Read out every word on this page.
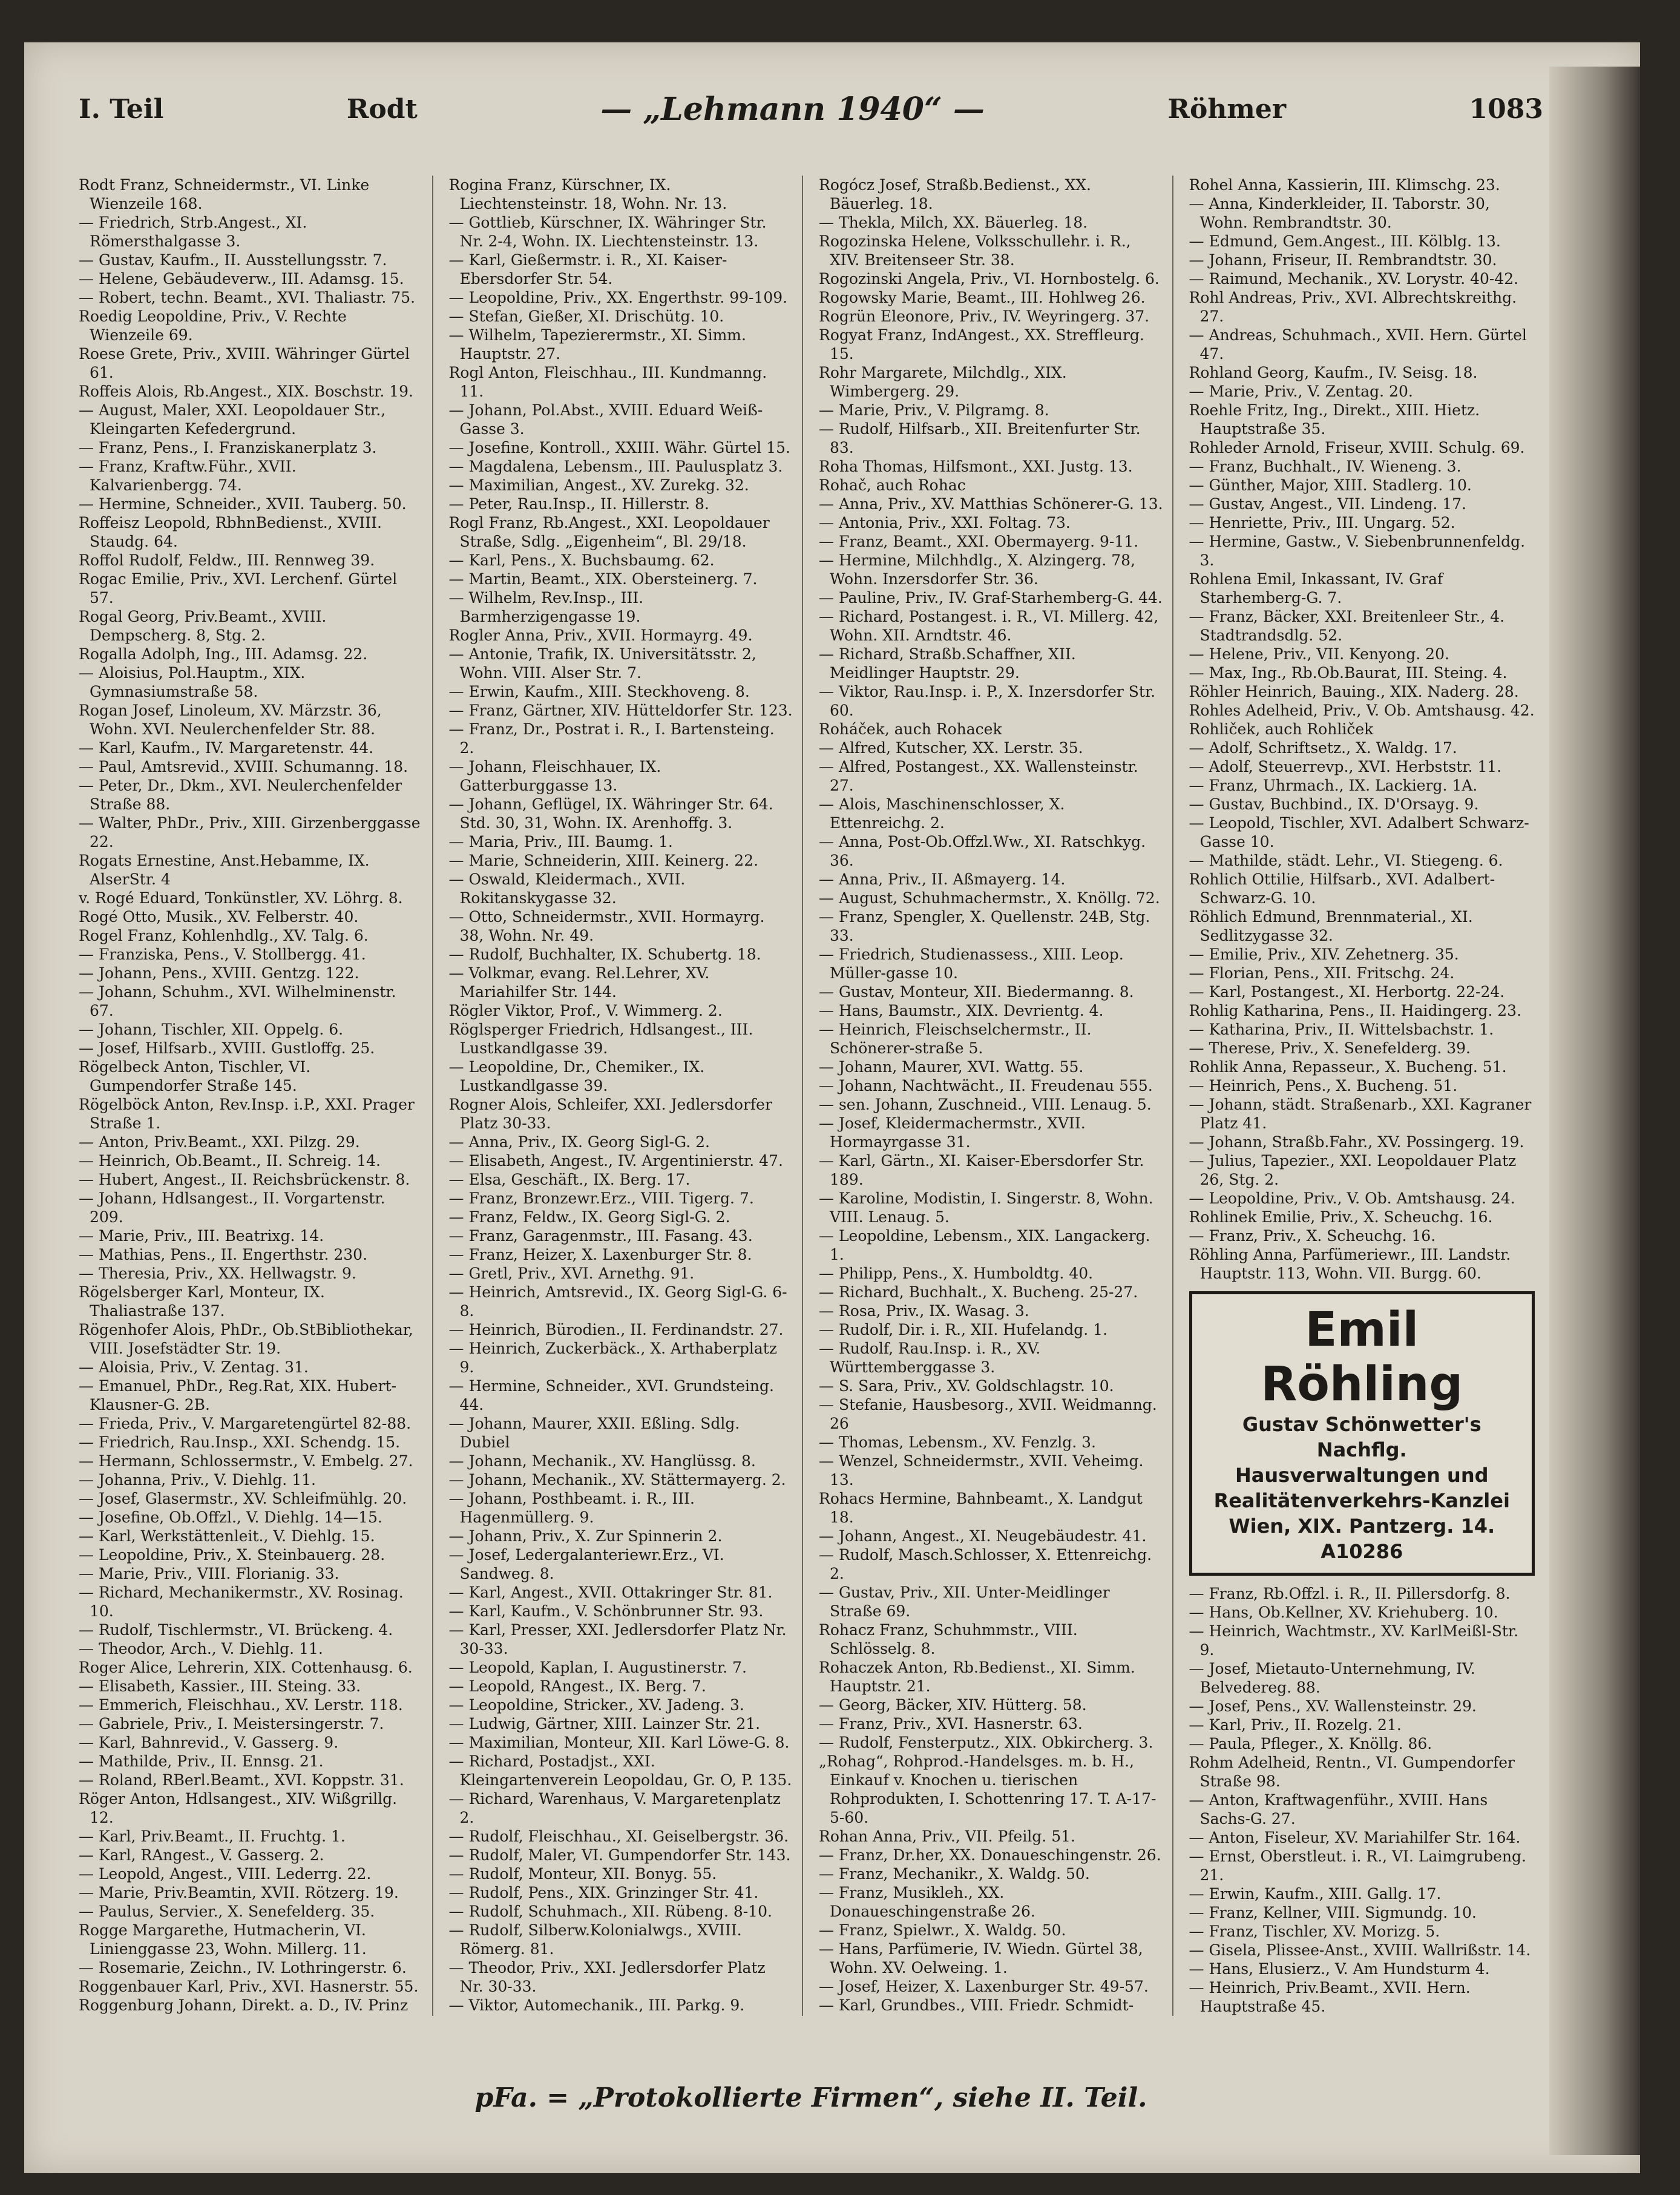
I. Teil	Rodt	— „Lehmann 1940“ —	Röhmer	1083

Rodt Franz, Schneidermstr., VI. Linke Wienzeile 168.

— Friedrich, Strb.Angest., XI. Römersthalgasse 3.

— Gustav, Kaufm., II. Ausstellungsstr. 7.

— Helene, Gebäudeverw., III. Adamsg. 15.

— Robert, techn. Beamt., XVI. Thaliastr. 75.

Roedig Leopoldine, Priv., V. Rechte Wienzeile 69.

Roese Grete, Priv., XVIII. Währinger Gürtel 61.

Roffeis Alois, Rb.Angest., XIX. Boschstr. 19.

— August, Maler, XXI. Leopoldauer Str., Kleingarten Kefedergrund.

— Franz, Pens., I. Franziskanerplatz 3.

— Franz, Kraftw.Führ., XVII. Kalvarienbergg. 74.

— Hermine, Schneider., XVII. Tauberg. 50.

Roffeisz Leopold, RbhnBedienst., XVIII. Staudg. 64.

Roffol Rudolf, Feldw., III. Rennweg 39.

Rogac Emilie, Priv., XVI. Lerchenf. Gürtel 57.

Rogal Georg, Priv.Beamt., XVIII. Dempscherg. 8, Stg. 2.

Rogalla Adolph, Ing., III. Adamsg. 22.

— Aloisius, Pol.Hauptm., XIX. Gymnasiumstraße 58.

Rogan Josef, Linoleum, XV. Märzstr. 36, Wohn. XVI. Neulerchenfelder Str. 88.

— Karl, Kaufm., IV. Margaretenstr. 44.

— Paul, Amtsrevid., XVIII. Schumanng. 18.

— Peter, Dr., Dkm., XVI. Neulerchenfelder Straße 88.

— Walter, PhDr., Priv., XIII. Girzenberggasse 22.

Rogats Ernestine, Anst.Hebamme, IX. AlserStr. 4

v. Rogé Eduard, Tonkünstler, XV. Löhrg. 8.

Rogé Otto, Musik., XV. Felberstr. 40.

Rogel Franz, Kohlenhdlg., XV. Talg. 6.

— Franziska, Pens., V. Stollbergg. 41.

— Johann, Pens., XVIII. Gentzg. 122.

— Johann, Schuhm., XVI. Wilhelminenstr. 67.

— Johann, Tischler, XII. Oppelg. 6.

— Josef, Hilfsarb., XVIII. Gustloffg. 25.

Rögelbeck Anton, Tischler, VI. Gumpendorfer Straße 145.

Rögelböck Anton, Rev.Insp. i.P., XXI. Prager Straße 1.

— Anton, Priv.Beamt., XXI. Pilzg. 29.

— Heinrich, Ob.Beamt., II. Schreig. 14.

— Hubert, Angest., II. Reichsbrückenstr. 8.

— Johann, Hdlsangest., II. Vorgartenstr. 209.

— Marie, Priv., III. Beatrixg. 14.

— Mathias, Pens., II. Engerthstr. 230.

— Theresia, Priv., XX. Hellwagstr. 9.

Rögelsberger Karl, Monteur, IX. Thaliastraße 137.

Rögenhofer Alois, PhDr., Ob.StBibliothekar, VIII. Josefstädter Str. 19.

— Aloisia, Priv., V. Zentag. 31.

— Emanuel, PhDr., Reg.Rat, XIX. Hubert-Klausner-G. 2B.

— Frieda, Priv., V. Margaretengürtel 82-88.

— Friedrich, Rau.Insp., XXI. Schendg. 15.

— Hermann, Schlossermstr., V. Embelg. 27.

— Johanna, Priv., V. Diehlg. 11.

— Josef, Glasermstr., XV. Schleifmühlg. 20.

— Josefine, Ob.Offzl., V. Diehlg. 14—15.

— Karl, Werkstättenleit., V. Diehlg. 15.

— Leopoldine, Priv., X. Steinbauerg. 28.

— Marie, Priv., VIII. Florianig. 33.

— Richard, Mechanikermstr., XV. Rosinag. 10.

— Rudolf, Tischlermstr., VI. Brückeng. 4.

— Theodor, Arch., V. Diehlg. 11.

Roger Alice, Lehrerin, XIX. Cottenhausg. 6.

— Elisabeth, Kassier., III. Steing. 33.

— Emmerich, Fleischhau., XV. Lerstr. 118.

— Gabriele, Priv., I. Meistersingerstr. 7.

— Karl, Bahnrevid., V. Gasserg. 9.

— Mathilde, Priv., II. Ennsg. 21.

— Roland, RBerl.Beamt., XVI. Koppstr. 31.

Röger Anton, Hdlsangest., XIV. Wißgrillg. 12.

— Karl, Priv.Beamt., II. Fruchtg. 1.

— Karl, RAngest., V. Gasserg. 2.

— Leopold, Angest., VIII. Lederrg. 22.

— Marie, Priv.Beamtin, XVII. Rötzerg. 19.

— Paulus, Servier., X. Senefelderg. 35.

Rogge Margarethe, Hutmacherin, VI. Linienggasse 23, Wohn. Millerg. 11.

— Rosemarie, Zeichn., IV. Lothringerstr. 6.

Roggenbauer Karl, Priv., XVI. Hasnerstr. 55.

Roggenburg Johann, Direkt. a. D., IV. Prinz

Rogina Franz, Kürschner, IX. Liechtensteinstr. 18, Wohn. Nr. 13.

— Gottlieb, Kürschner, IX. Währinger Str. Nr. 2-4, Wohn. IX. Liechtensteinstr. 13.

— Karl, Gießermstr. i. R., XI. Kaiser-Ebersdorfer Str. 54.

— Leopoldine, Priv., XX. Engerthstr. 99-109.

— Stefan, Gießer, XI. Drischütg. 10.

— Wilhelm, Tapezierermstr., XI. Simm. Hauptstr. 27.

Rogl Anton, Fleischhau., III. Kundmanng. 11.

— Johann, Pol.Abst., XVIII. Eduard Weiß-Gasse 3.

— Josefine, Kontroll., XXIII. Währ. Gürtel 15.

— Magdalena, Lebensm., III. Paulusplatz 3.

— Maximilian, Angest., XV. Zurekg. 32.

— Peter, Rau.Insp., II. Hillerstr. 8.

Rogl Franz, Rb.Angest., XXI. Leopoldauer Straße, Sdlg. „Eigenheim“, Bl. 29/18.

— Karl, Pens., X. Buchsbaumg. 62.

— Martin, Beamt., XIX. Obersteinerg. 7.

— Wilhelm, Rev.Insp., III. Barmherzigengasse 19.

Rogler Anna, Priv., XVII. Hormayrg. 49.

— Antonie, Trafik, IX. Universitätsstr. 2, Wohn. VIII. Alser Str. 7.

— Erwin, Kaufm., XIII. Steckhoveng. 8.

— Franz, Gärtner, XIV. Hütteldorfer Str. 123.

— Franz, Dr., Postrat i. R., I. Bartensteing. 2.

— Johann, Fleischhauer, IX. Gatterburggasse 13.

— Johann, Geflügel, IX. Währinger Str. 64. Std. 30, 31, Wohn. IX. Arenhoffg. 3.

— Maria, Priv., III. Baumg. 1.

— Marie, Schneiderin, XIII. Keinerg. 22.

— Oswald, Kleidermach., XVII. Rokitanskygasse 32.

— Otto, Schneidermstr., XVII. Hormayrg. 38, Wohn. Nr. 49.

— Rudolf, Buchhalter, IX. Schubertg. 18.

— Volkmar, evang. Rel.Lehrer, XV. Mariahilfer Str. 144.

Rögler Viktor, Prof., V. Wimmerg. 2.

Röglsperger Friedrich, Hdlsangest., III. Lustkandlgasse 39.

— Leopoldine, Dr., Chemiker., IX. Lustkandlgasse 39.

Rogner Alois, Schleifer, XXI. Jedlersdorfer Platz 30-33.

— Anna, Priv., IX. Georg Sigl-G. 2.

— Elisabeth, Angest., IV. Argentinierstr. 47.

— Elsa, Geschäft., IX. Berg. 17.

— Franz, Bronzewr.Erz., VIII. Tigerg. 7.

— Franz, Feldw., IX. Georg Sigl-G. 2.

— Franz, Garagenmstr., III. Fasang. 43.

— Franz, Heizer, X. Laxenburger Str. 8.

— Gretl, Priv., XVI. Arnethg. 91.

— Heinrich, Amtsrevid., IX. Georg Sigl-G. 6-8.

— Heinrich, Bürodien., II. Ferdinandstr. 27.

— Heinrich, Zuckerbäck., X. Arthaberplatz 9.

— Hermine, Schneider., XVI. Grundsteing. 44.

— Johann, Maurer, XXII. Eßling. Sdlg. Dubiel

— Johann, Mechanik., XV. Hanglüssg. 8.

— Johann, Mechanik., XV. Stättermayerg. 2.

— Johann, Posthbeamt. i. R., III. Hagenmüllerg. 9.

— Johann, Priv., X. Zur Spinnerin 2.

— Josef, Ledergalanteriewr.Erz., VI. Sandweg. 8.

— Karl, Angest., XVII. Ottakringer Str. 81.

— Karl, Kaufm., V. Schönbrunner Str. 93.

— Karl, Presser, XXI. Jedlersdorfer Platz Nr. 30-33.

— Leopold, Kaplan, I. Augustinerstr. 7.

— Leopold, RAngest., IX. Berg. 7.

— Leopoldine, Stricker., XV. Jadeng. 3.

— Ludwig, Gärtner, XIII. Lainzer Str. 21.

— Maximilian, Monteur, XII. Karl Löwe-G. 8.

— Richard, Postadjst., XXI. Kleingartenverein Leopoldau, Gr. O, P. 135.

— Richard, Warenhaus, V. Margaretenplatz 2.

— Rudolf, Fleischhau., XI. Geiselbergstr. 36.

— Rudolf, Maler, VI. Gumpendorfer Str. 143.

— Rudolf, Monteur, XII. Bonyg. 55.

— Rudolf, Pens., XIX. Grinzinger Str. 41.

— Rudolf, Schuhmach., XII. Rübeng. 8-10.

— Rudolf, Silberw.Kolonialwgs., XVIII. Römerg. 81.

— Theodor, Priv., XXI. Jedlersdorfer Platz Nr. 30-33.

— Viktor, Automechanik., III. Parkg. 9.

Rogócz Josef, Straßb.Bedienst., XX. Bäuerleg. 18.

— Thekla, Milch, XX. Bäuerleg. 18.

Rogozinska Helene, Volksschullehr. i. R., XIV. Breitenseer Str. 38.

Rogozinski Angela, Priv., VI. Hornbostelg. 6.

Rogowsky Marie, Beamt., III. Hohlweg 26.

Rogrün Eleonore, Priv., IV. Weyringerg. 37.

Rogyat Franz, IndAngest., XX. Streffleurg. 15.

Rohr Margarete, Milchdlg., XIX. Wimbergerg. 29.

— Marie, Priv., V. Pilgramg. 8.

— Rudolf, Hilfsarb., XII. Breitenfurter Str. 83.

Roha Thomas, Hilfsmont., XXI. Justg. 13.

Rohač, auch Rohac

— Anna, Priv., XV. Matthias Schönerer-G. 13.

— Antonia, Priv., XXI. Foltag. 73.

— Franz, Beamt., XXI. Obermayerg. 9-11.

— Hermine, Milchhdlg., X. Alzingerg. 78, Wohn. Inzersdorfer Str. 36.

— Pauline, Priv., IV. Graf-Starhemberg-G. 44.

— Richard, Postangest. i. R., VI. Millerg. 42, Wohn. XII. Arndtstr. 46.

— Richard, Straßb.Schaffner, XII. Meidlinger Hauptstr. 29.

— Viktor, Rau.Insp. i. P., X. Inzersdorfer Str. 60.

Roháček, auch Rohacek

— Alfred, Kutscher, XX. Lerstr. 35.

— Alfred, Postangest., XX. Wallensteinstr. 27.

— Alois, Maschinenschlosser, X. Ettenreichg. 2.

— Anna, Post-Ob.Offzl.Ww., XI. Ratschkyg. 36.

— Anna, Priv., II. Aßmayerg. 14.

— August, Schuhmachermstr., X. Knöllg. 72.

— Franz, Spengler, X. Quellenstr. 24B, Stg. 33.

— Friedrich, Studienassess., XIII. Leop. Müller-gasse 10.

— Gustav, Monteur, XII. Biedermanng. 8.

— Hans, Baumstr., XIX. Devrientg. 4.

— Heinrich, Fleischselchermstr., II. Schönerer-straße 5.

— Johann, Maurer, XVI. Wattg. 55.

— Johann, Nachtwächt., II. Freudenau 555.

— sen. Johann, Zuschneid., VIII. Lenaug. 5.

— Josef, Kleidermachermstr., XVII. Hormayrgasse 31.

— Karl, Gärtn., XI. Kaiser-Ebersdorfer Str. 189.

— Karoline, Modistin, I. Singerstr. 8, Wohn. VIII. Lenaug. 5.

— Leopoldine, Lebensm., XIX. Langackerg. 1.

— Philipp, Pens., X. Humboldtg. 40.

— Richard, Buchhalt., X. Bucheng. 25-27.

— Rosa, Priv., IX. Wasag. 3.

— Rudolf, Dir. i. R., XII. Hufelandg. 1.

— Rudolf, Rau.Insp. i. R., XV. Württemberggasse 3.

— S. Sara, Priv., XV. Goldschlagstr. 10.

— Stefanie, Hausbesorg., XVII. Weidmanng. 26

— Thomas, Lebensm., XV. Fenzlg. 3.

— Wenzel, Schneidermstr., XVII. Veheimg. 13.

Rohacs Hermine, Bahnbeamt., X. Landgut 18.

— Johann, Angest., XI. Neugebäudestr. 41.

— Rudolf, Masch.Schlosser, X. Ettenreichg. 2.

— Gustav, Priv., XII. Unter-Meidlinger Straße 69.

Rohacz Franz, Schuhmmstr., VIII. Schlösselg. 8.

Rohaczek Anton, Rb.Bedienst., XI. Simm. Hauptstr. 21.

— Georg, Bäcker, XIV. Hütterg. 58.

— Franz, Priv., XVI. Hasnerstr. 63.

— Rudolf, Fensterputz., XIX. Obkircherg. 3.

„Rohag“, Rohprod.-Handelsges. m. b. H., Einkauf v. Knochen u. tierischen Rohprodukten, I. Schottenring 17. T. A-17-5-60.

Rohan Anna, Priv., VII. Pfeilg. 51.

— Franz, Dr.her, XX. Donaueschingenstr. 26.

— Franz, Mechanikr., X. Waldg. 50.

— Franz, Musikleh., XX. Donaueschingenstraße 26.

— Franz, Spielwr., X. Waldg. 50.

— Hans, Parfümerie, IV. Wiedn. Gürtel 38, Wohn. XV. Oelweing. 1.

— Josef, Heizer, X. Laxenburger Str. 49-57.

— Karl, Grundbes., VIII. Friedr. Schmidt-

Rohel Anna, Kassierin, III. Klimschg. 23.

— Anna, Kinderkleider, II. Taborstr. 30, Wohn. Rembrandtstr. 30.

— Edmund, Gem.Angest., III. Kölblg. 13.

— Johann, Friseur, II. Rembrandtstr. 30.

— Raimund, Mechanik., XV. Lorystr. 40-42.

Rohl Andreas, Priv., XVI. Albrechtskreithg. 27.

— Andreas, Schuhmach., XVII. Hern. Gürtel 47.

Rohland Georg, Kaufm., IV. Seisg. 18.

— Marie, Priv., V. Zentag. 20.

Roehle Fritz, Ing., Direkt., XIII. Hietz. Hauptstraße 35.

Rohleder Arnold, Friseur, XVIII. Schulg. 69.

— Franz, Buchhalt., IV. Wieneng. 3.

— Günther, Major, XIII. Stadlerg. 10.

— Gustav, Angest., VII. Lindeng. 17.

— Henriette, Priv., III. Ungarg. 52.

— Hermine, Gastw., V. Siebenbrunnenfeldg. 3.

Rohlena Emil, Inkassant, IV. Graf Starhemberg-G. 7.

— Franz, Bäcker, XXI. Breitenleer Str., 4. Stadtrandsdlg. 52.

— Helene, Priv., VII. Kenyong. 20.

— Max, Ing., Rb.Ob.Baurat, III. Steing. 4.

Röhler Heinrich, Bauing., XIX. Naderg. 28.

Rohles Adelheid, Priv., V. Ob. Amtshausg. 42.

Rohliček, auch Rohliček

— Adolf, Schriftsetz., X. Waldg. 17.

— Adolf, Steuerrevp., XVI. Herbststr. 11.

— Franz, Uhrmach., IX. Lackierg. 1A.

— Gustav, Buchbind., IX. D'Orsayg. 9.

— Leopold, Tischler, XVI. Adalbert Schwarz-Gasse 10.

— Mathilde, städt. Lehr., VI. Stiegeng. 6.

Rohlich Ottilie, Hilfsarb., XVI. Adalbert-Schwarz-G. 10.

Röhlich Edmund, Brennmaterial., XI. Sedlitzygasse 32.

— Emilie, Priv., XIV. Zehetnerg. 35.

— Florian, Pens., XII. Fritschg. 24.

— Karl, Postangest., XI. Herbortg. 22-24.

Rohlig Katharina, Pens., II. Haidingerg. 23.

— Katharina, Priv., II. Wittelsbachstr. 1.

— Therese, Priv., X. Senefelderg. 39.

Rohlik Anna, Repasseur., X. Bucheng. 51.

— Heinrich, Pens., X. Bucheng. 51.

— Johann, städt. Straßenarb., XXI. Kagraner Platz 41.

— Johann, Straßb.Fahr., XV. Possingerg. 19.

— Julius, Tapezier., XXI. Leopoldauer Platz 26, Stg. 2.

— Leopoldine, Priv., V. Ob. Amtshausg. 24.

Rohlinek Emilie, Priv., X. Scheuchg. 16.

— Franz, Priv., X. Scheuchg. 16.

Röhling Anna, Parfümeriewr., III. Landstr. Hauptstr. 113, Wohn. VII. Burgg. 60.

Emil Röhling
Gustav Schönwetter's Nachflg.
Hausverwaltungen und
Realitätenverkehrs-Kanzlei
Wien, XIX. Pantzerg. 14. A10286

— Franz, Rb.Offzl. i. R., II. Pillersdorfg. 8.

— Hans, Ob.Kellner, XV. Kriehuberg. 10.

— Heinrich, Wachtmstr., XV. KarlMeißl-Str. 9.

— Josef, Mietauto-Unternehmung, IV. Belvederеg. 88.

— Josef, Pens., XV. Wallensteinstr. 29.

— Karl, Priv., II. Rozelg. 21.

— Paula, Pfleger., X. Knöllg. 86.

Rohm Adelheid, Rentn., VI. Gumpendorfer Straße 98.

— Anton, Kraftwagenführ., XVIII. Hans Sachs-G. 27.

— Anton, Fiseleur, XV. Mariahilfer Str. 164.

— Ernst, Oberstleut. i. R., VI. Laimgrubeng. 21.

— Erwin, Kaufm., XIII. Gallg. 17.

— Franz, Kellner, VIII. Sigmundg. 10.

— Franz, Tischler, XV. Morizg. 5.

— Gisela, Plissee-Anst., XVIII. Wallrißstr. 14.

— Hans, Elusierz., V. Am Hundsturm 4.

— Heinrich, Priv.Beamt., XVII. Hern. Hauptstraße 45.

pFa. = „Protokollierte Firmen“, siehe II. Teil.
